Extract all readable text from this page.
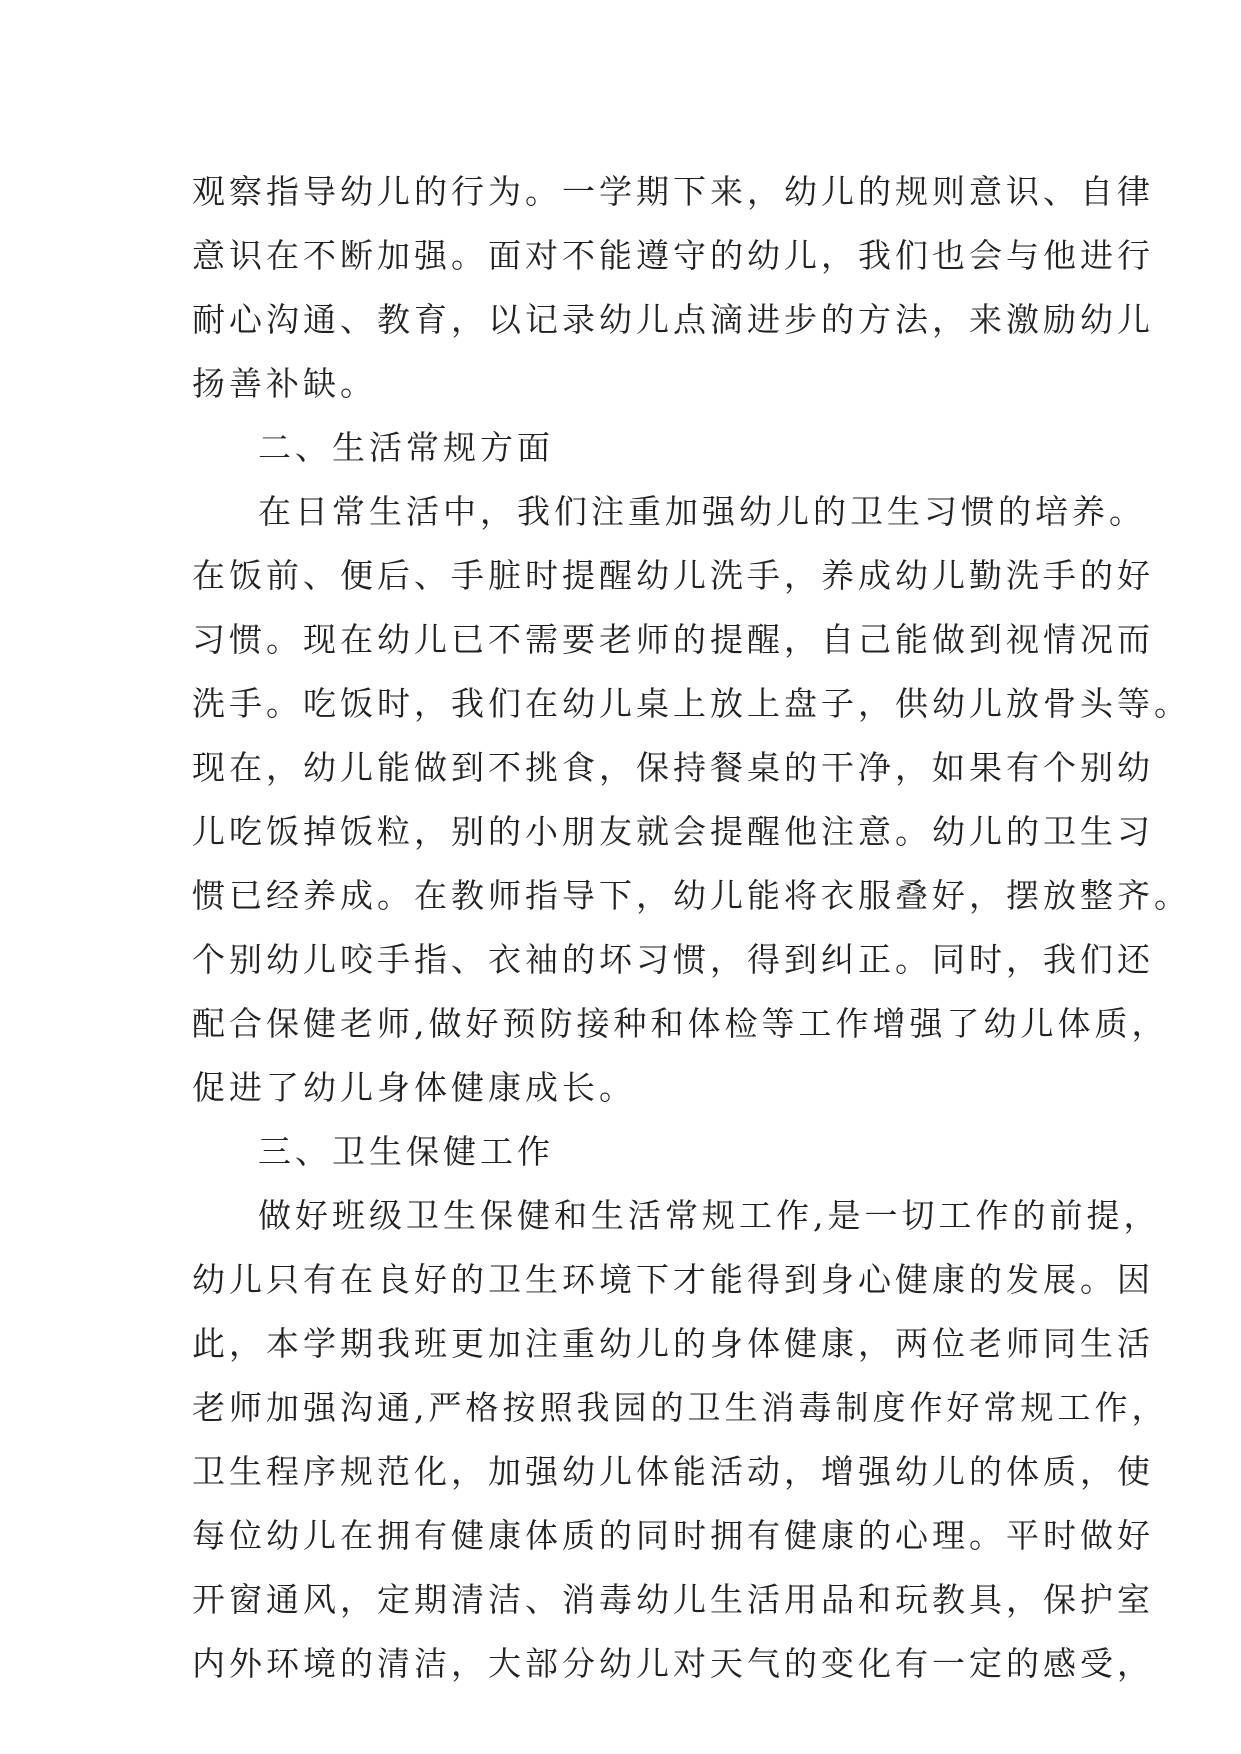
观察指导幼儿的行为。一学期下来，幼儿的规则意识、自律
意识在不断加强。面对不能遵守的幼儿，我们也会与他进行
耐心沟通、教育，以记录幼儿点滴进步的方法，来激励幼儿
扬善补缺。
二、生活常规方面
在日常生活中，我们注重加强幼儿的卫生习惯的培养。
在饭前、便后、手脏时提醒幼儿洗手，养成幼儿勤洗手的好
习惯。现在幼儿已不需要老师的提醒，自己能做到视情况而
洗手。吃饭时，我们在幼儿桌上放上盘子，供幼儿放骨头等。
现在，幼儿能做到不挑食，保持餐桌的干净，如果有个别幼
儿吃饭掉饭粒，别的小朋友就会提醒他注意。幼儿的卫生习
惯已经养成。在教师指导下，幼儿能将衣服叠好，摆放整齐。
个别幼儿咬手指、衣袖的坏习惯，得到纠正。同时，我们还
配合保健老师,做好预防接种和体检等工作增强了幼儿体质，
促进了幼儿身体健康成长。
三、卫生保健工作
做好班级卫生保健和生活常规工作,是一切工作的前提，
幼儿只有在良好的卫生环境下才能得到身心健康的发展。因
此，本学期我班更加注重幼儿的身体健康，两位老师同生活
老师加强沟通,严格按照我园的卫生消毒制度作好常规工作，
卫生程序规范化，加强幼儿体能活动，增强幼儿的体质，使
每位幼儿在拥有健康体质的同时拥有健康的心理。平时做好
开窗通风，定期清洁、消毒幼儿生活用品和玩教具，保护室
内外环境的清洁，大部分幼儿对天气的变化有一定的感受，
